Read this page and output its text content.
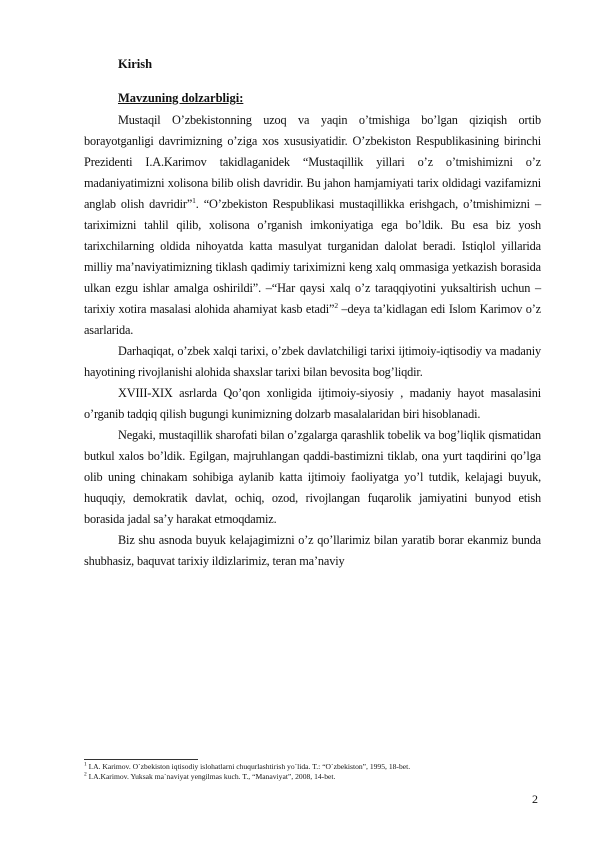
Kirish
Mavzuning dolzarbligi:

Mustaqil O’zbekistonning uzoq va yaqin o’tmishiga bo’lgan qiziqish ortib borayotganligi davrimizning o’ziga xos xususiyatidir. O’zbekiston Respublikasining birinchi Prezidenti I.A.Karimov takidlaganidek “Mustaqillik yillari o’z o’tmishimizni o’z madaniyatimizni xolisona bilib olish davridir. Bu jahon hamjamiyati tarix oldidagi vazifamizni anglab olish davridir”$^1$. “O’zbekiston Respublikasi mustaqillikka erishgach, o’tmishimizni –tariximizni tahlil qilib, xolisona o’rganish imkoniyatiga ega bo’ldik. Bu esa biz yosh tarixchilarning oldida nihoyatda katta masulyat turganidan dalolat beradi. Istiqlol yillarida milliy ma’naviyatimizning tiklash qadimiy tariximizni keng xalq ommasiga yetkazish borasida ulkan ezgu ishlar amalga oshirildi”. –“Har qaysi xalq o’z taraqqiyotini yuksaltirish uchun –tarixiy xotira masalasi alohida ahamiyat kasb etadi”$^2$ –deya ta’kidlagan edi Islom Karimov o’z asarlarida.

Darhaqiqat, o’zbek xalqi tarixi, o’zbek davlatchiligi tarixi ijtimoiy-iqtisodiy va madaniy hayotining rivojlanishi alohida shaxslar tarixi bilan bevosita bog’liqdir.

XVIII-XIX asrlarda Qo’qon xonligida ijtimoiy-siyosiy , madaniy hayot masalasini o’rganib tadqiq qilish bugungi kunimizning dolzarb masalalaridan biri hisoblanadi.

Negaki, mustaqillik sharofati bilan o’zgalarga qarashlik tobelik va bog’liqlik qismatidan butkul xalos bo’ldik. Egilgan, majruhlangan qaddi-bastimizni tiklab, ona yurt taqdirini qo’lga olib uning chinakam sohibiga aylanib katta ijtimoiy faoliyatga yo’l tutdik, kelajagi buyuk, huquqiy, demokratik davlat, ochiq, ozod, rivojlangan fuqarolik jamiyatini bunyod etish borasida jadal sa’y harakat etmoqdamiz.

Biz shu asnoda buyuk kelajagimizni o’z qo’llarimiz bilan yaratib borar ekanmiz bunda shubhasiz, baquvat tarixiy ildizlarimiz, teran ma’naviy

$^1$ I.A. Karimov. O`zbekiston iqtisodiy islohatlarni chuqurlashtirish yo`lida. T.: “O`zbekiston”, 1995, 18-bet.
$^2$ I.A.Karimov. Yuksak ma`naviyat yengilmas kuch. T., “Manaviyat”, 2008, 14-bet.
2
